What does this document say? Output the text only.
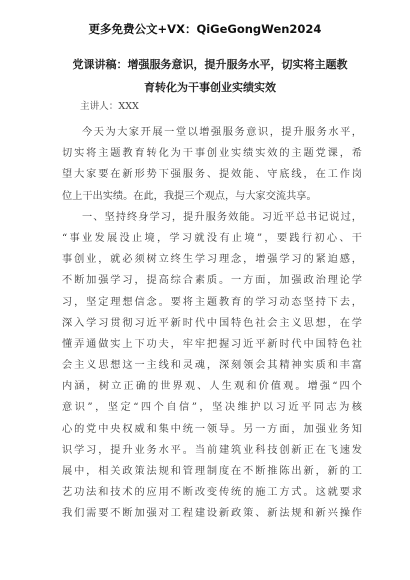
更多免费公文+VX：QiGeGongWen2024
党课讲稿：增强服务意识，提升服务水平，切实将主题教
育转化为干事创业实绩实效
主讲人：XXX
今天为大家开展一堂以增强服务意识，提升服务水平，
切实将主题教育转化为干事创业实绩实效的主题党课，希
望大家要在新形势下强服务、提效能、守底线，在工作岗
位上干出实绩。在此，我提三个观点，与大家交流共享。
一、坚持终身学习，提升服务效能。习近平总书记说过，
“事业发展没止境，学习就没有止境”，要践行初心、干
事创业，就必须树立终生学习理念，增强学习的紧迫感，
不断加强学习，提高综合素质。一方面，加强政治理论学
习，坚定理想信念。要将主题教育的学习动态坚持下去，
深入学习贯彻习近平新时代中国特色社会主义思想，在学
懂弄通做实上下功夫，牢牢把握习近平新时代中国特色社
会主义思想这一主线和灵魂，深刻领会其精神实质和丰富
内涵，树立正确的世界观、人生观和价值观。增强“四个
意识”，坚定“四个自信”，坚决维护以习近平同志为核
心的党中央权威和集中统一领导。另一方面，加强业务知
识学习，提升业务水平。当前建筑业科技创新正在飞速发
展中，相关政策法规和管理制度在不断推陈出新，新的工
艺功法和技术的应用不断改变传统的施工方式。这就要求
我们需要不断加强对工程建设新政策、新法规和新兴操作
